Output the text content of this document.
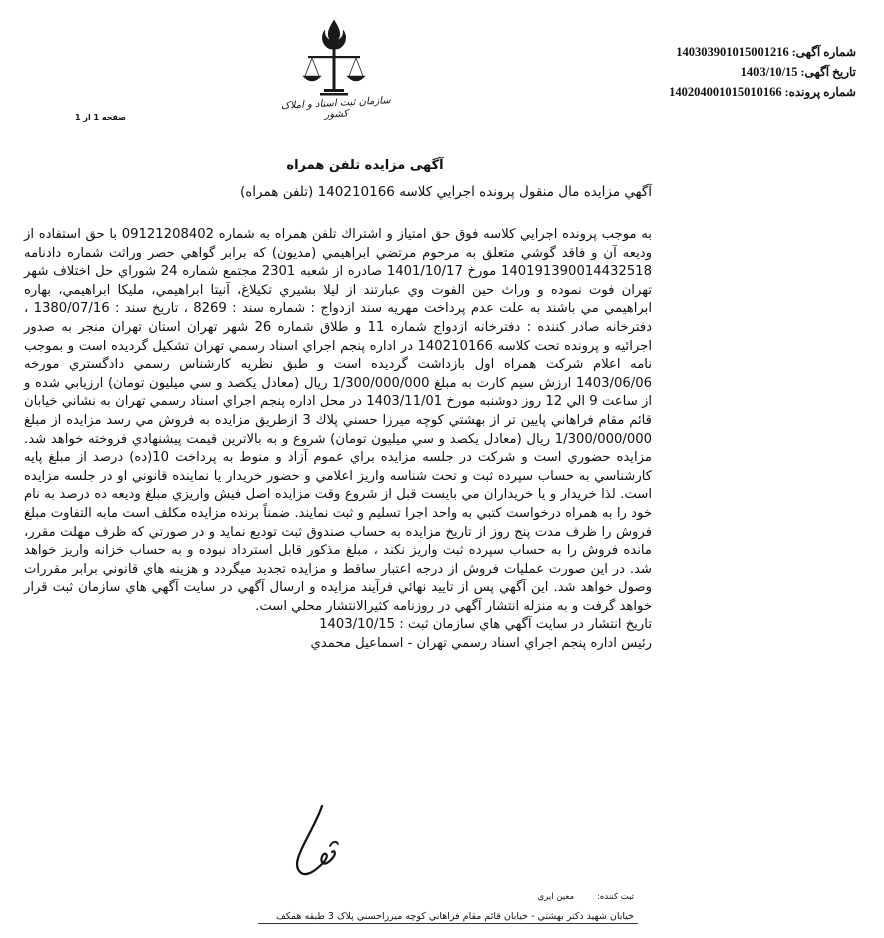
شماره آگهی: 140303901015001216
تاریخ آگهی: 1403/10/15
شماره پرونده: 140204001015010166
صفحه 1 از 1
سازمان ثبت اسناد و املاک کشور
آگهی مزایده تلفن همراه
آگهي مزايده مال منقول پرونده اجرايي كلاسه 140210166 (تلفن همراه)

به موجب پرونده اجرايي كلاسه فوق حق امتياز و اشتراك تلفن همراه به شماره 09121208402 با حق استفاده از وديعه آن و فاقد گوشي متعلق به مرحوم مرتضي ابراهيمي (مديون) كه برابر گواهي حصر وراثت شماره دادنامه 140191390014432518 مورخ 1401/10/17 صادره از شعبه 2301 مجتمع شماره 24 شوراي حل اختلاف شهر تهران فوت نموده و وراث حين الفوت وي عبارتند از ليلا بشيري تكيلاغ، آنيتا ابراهيمي، مليكا ابراهيمي، بهاره ابراهيمي مي باشند به علت عدم پرداخت مهريه سند ازدواج : شماره سند : 8269 ، تاريخ سند : 1380/07/16 ، دفترخانه صادر كننده : دفترخانه ازدواج شماره 11 و طلاق شماره 26 شهر تهران استان تهران منجر به صدور اجرائيه و پرونده تحت كلاسه 140210166 در اداره پنجم اجراي اسناد رسمي تهران تشكيل گرديده است و بموجب نامه اعلام شركت همراه اول بازداشت گرديده است و طبق نظريه كارشناس رسمي دادگستري مورخه 1403/06/06 ارزش سيم كارت به مبلغ 1/300/000/000 ريال (معادل يكصد و سي ميليون تومان) ارزيابي شده و از ساعت 9 الي 12 روز دوشنبه مورخ 1403/11/01 در محل اداره پنجم اجراي اسناد رسمي تهران به نشاني خيابان قائم مقام فراهاني پايين تر از بهشتي كوچه ميرزا حسني پلاك 3 ازطريق مزايده به فروش مي رسد مزايده از مبلغ 1/300/000/000 ريال (معادل يكصد و سي ميليون تومان) شروع و به بالاترين قيمت پيشنهادي فروخته خواهد شد. مزايده حضوري است و شركت در جلسه مزايده براي عموم آزاد و منوط به پرداخت 10(ده) درصد از مبلغ پايه كارشناسي به حساب سپرده ثبت و تحت شناسه واريز اعلامي و حضور خريدار يا نماينده قانوني او در جلسه مزايده است. لذا خريدار و يا خريداران مي بايست قبل از شروع وقت مزايده اصل فيش واريزي مبلغ وديعه ده درصد به نام خود را به همراه درخواست كتبي به واحد اجرا تسليم و ثبت نمايند. ضمناً برنده مزايده مكلف است مابه التفاوت مبلغ فروش را ظرف مدت پنج روز از تاريخ مزايده به حساب صندوق ثبت توديع نمايد و در صورتي كه ظرف مهلت مقرر، مانده فروش را به حساب سپرده ثبت واريز نكند ، مبلغ مذكور قابل استرداد نبوده و به حساب خزانه واريز خواهد شد. در اين صورت عمليات فروش از درجه اعتبار ساقط و مزايده تجديد ميگردد و هزينه هاي قانوني برابر مقررات وصول خواهد شد. اين آگهي پس از تاييد نهائي فرآيند مزايده و ارسال آگهي در سايت آگهي هاي سازمان ثبت قرار خواهد گرفت و به منزله انتشار آگهي در روزنامه كثيرالانتشار محلي است.

تاريخ انتشار در سايت آگهي هاي سازمان ثبت : 1403/10/15

رئيس اداره پنجم اجراي اسناد رسمي تهران - اسماعيل محمدي

ثبت کننده:
معين ايري
خيابان شهيد دکتر بهشتي - خيابان قائم مقام فراهاني کوچه ميرزاحسني پلاک 3 طبقه همکف
